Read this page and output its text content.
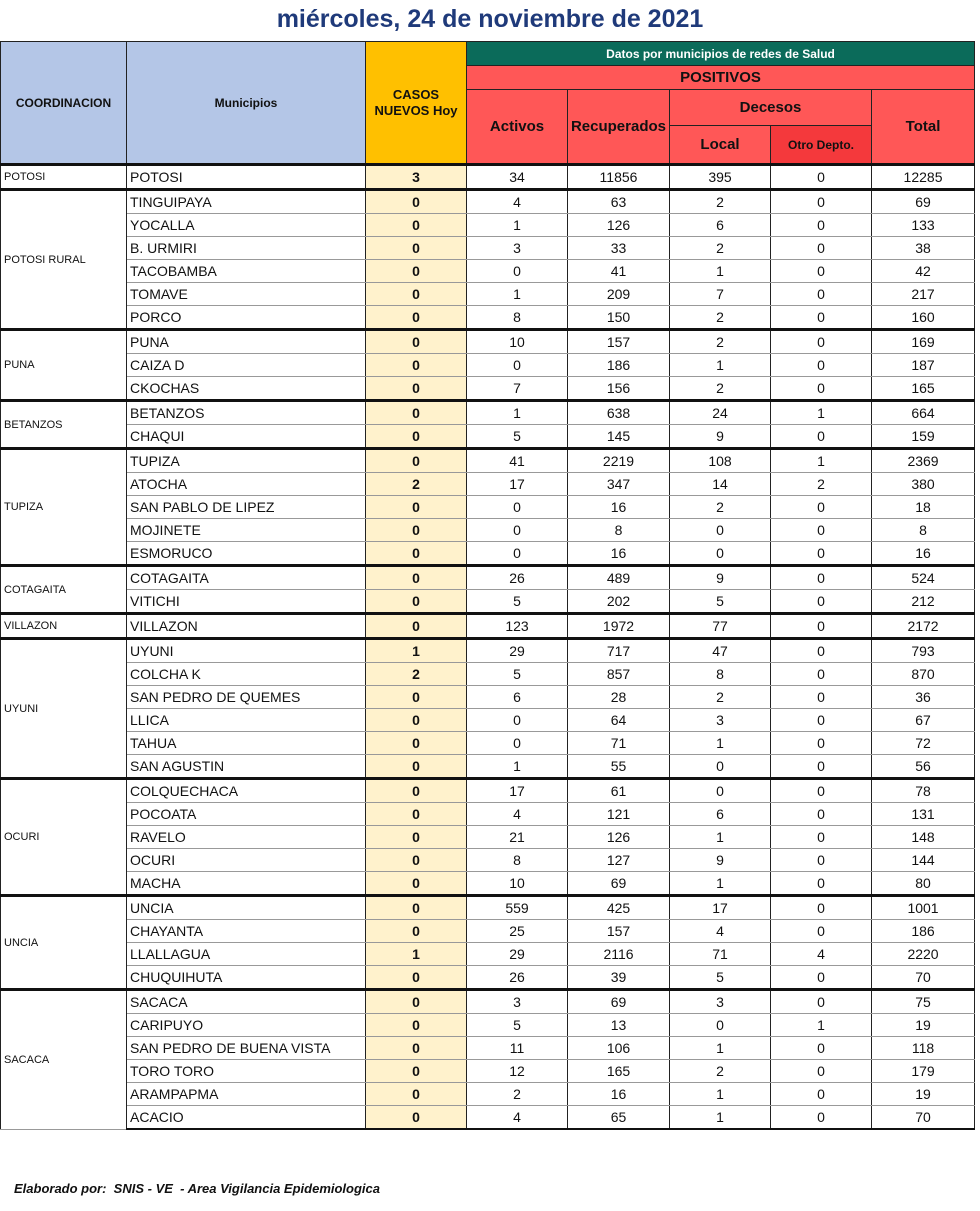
miércoles, 24 de noviembre de 2021
COORDINACION	Municipios	CASOS NUEVOS Hoy	Datos por municipios de redes de Salud				
			POSITIVOS				
			Activos	Recuperados	Decesos		Total
					Local	Otro Depto.	
POTOSI	POTOSI	3	34	11856	395	0	12285
POTOSI RURAL	TINGUIPAYA	0	4	63	2	0	69
	YOCALLA	0	1	126	6	0	133
	B. URMIRI	0	3	33	2	0	38
	TACOBAMBA	0	0	41	1	0	42
	TOMAVE	0	1	209	7	0	217
	PORCO	0	8	150	2	0	160
PUNA	PUNA	0	10	157	2	0	169
	CAIZA D	0	0	186	1	0	187
	CKOCHAS	0	7	156	2	0	165
BETANZOS	BETANZOS	0	1	638	24	1	664
	CHAQUI	0	5	145	9	0	159
TUPIZA	TUPIZA	0	41	2219	108	1	2369
	ATOCHA	2	17	347	14	2	380
	SAN PABLO DE LIPEZ	0	0	16	2	0	18
	MOJINETE	0	0	8	0	0	8
	ESMORUCO	0	0	16	0	0	16
COTAGAITA	COTAGAITA	0	26	489	9	0	524
	VITICHI	0	5	202	5	0	212
VILLAZON	VILLAZON	0	123	1972	77	0	2172
UYUNI	UYUNI	1	29	717	47	0	793
	COLCHA K	2	5	857	8	0	870
	SAN PEDRO DE QUEMES	0	6	28	2	0	36
	LLICA	0	0	64	3	0	67
	TAHUA	0	0	71	1	0	72
	SAN AGUSTIN	0	1	55	0	0	56
OCURI	COLQUECHACA	0	17	61	0	0	78
	POCOATA	0	4	121	6	0	131
	RAVELO	0	21	126	1	0	148
	OCURI	0	8	127	9	0	144
	MACHA	0	10	69	1	0	80
UNCIA	UNCIA	0	559	425	17	0	1001
	CHAYANTA	0	25	157	4	0	186
	LLALLAGUA	1	29	2116	71	4	2220
	CHUQUIHUTA	0	26	39	5	0	70
SACACA	SACACA	0	3	69	3	0	75
	CARIPUYO	0	5	13	0	1	19
	SAN PEDRO DE BUENA VISTA	0	11	106	1	0	118
	TORO TORO	0	12	165	2	0	179
	ARAMPAPMA	0	2	16	1	0	19
	ACACIO	0	4	65	1	0	70
Elaborado por:  SNIS - VE  - Area Vigilancia Epidemiologica
